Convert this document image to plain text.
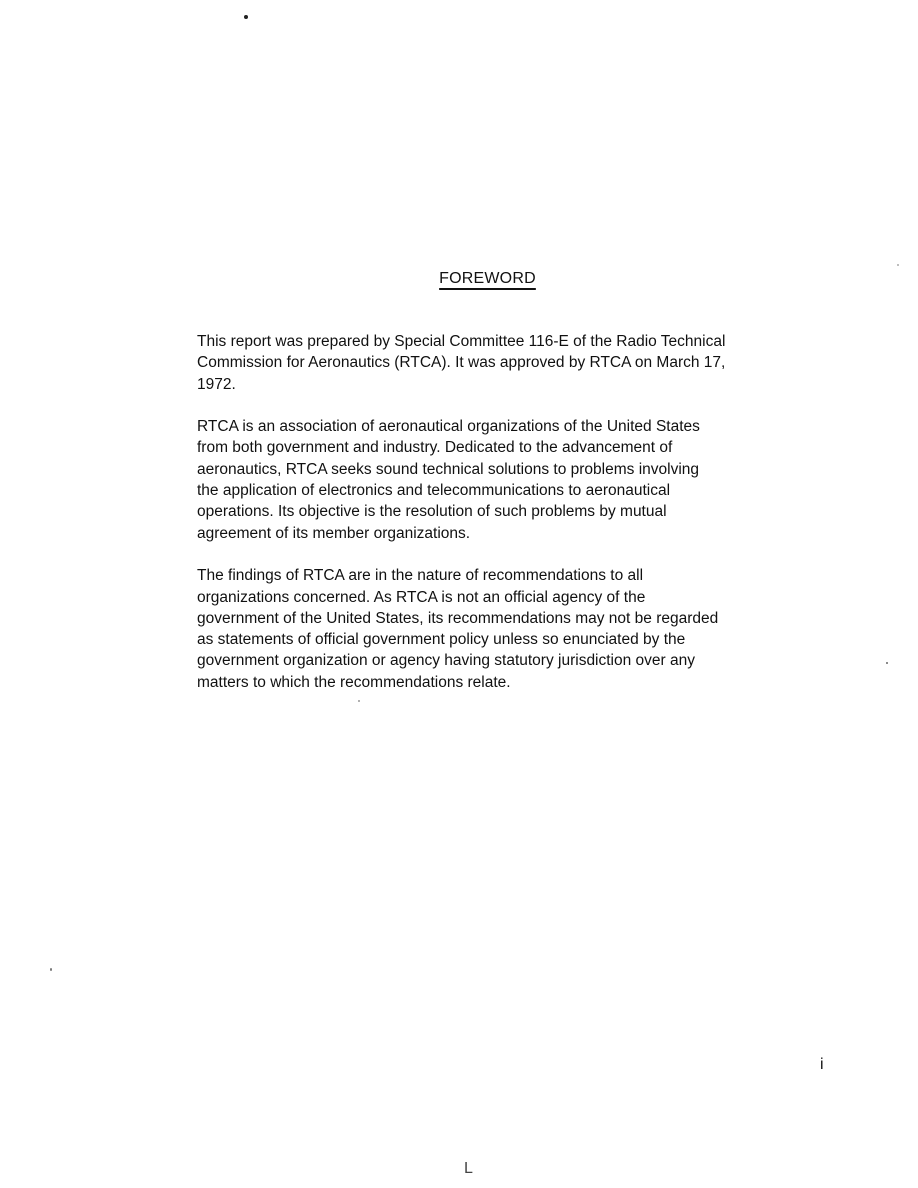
FOREWORD

This report was prepared by Special Committee 116-E of the Radio Technical
Commission for Aeronautics (RTCA). It was approved by RTCA on March 17,
1972.

RTCA is an association of aeronautical organizations of the United States
from both government and industry. Dedicated to the advancement of
aeronautics, RTCA seeks sound technical solutions to problems involving
the application of electronics and telecommunications to aeronautical
operations. Its objective is the resolution of such problems by mutual
agreement of its member organizations.

The findings of RTCA are in the nature of recommendations to all
organizations concerned. As RTCA is not an official agency of the
government of the United States, its recommendations may not be regarded
as statements of official government policy unless so enunciated by the
government organization or agency having statutory jurisdiction over any
matters to which the recommendations relate.

i
L
